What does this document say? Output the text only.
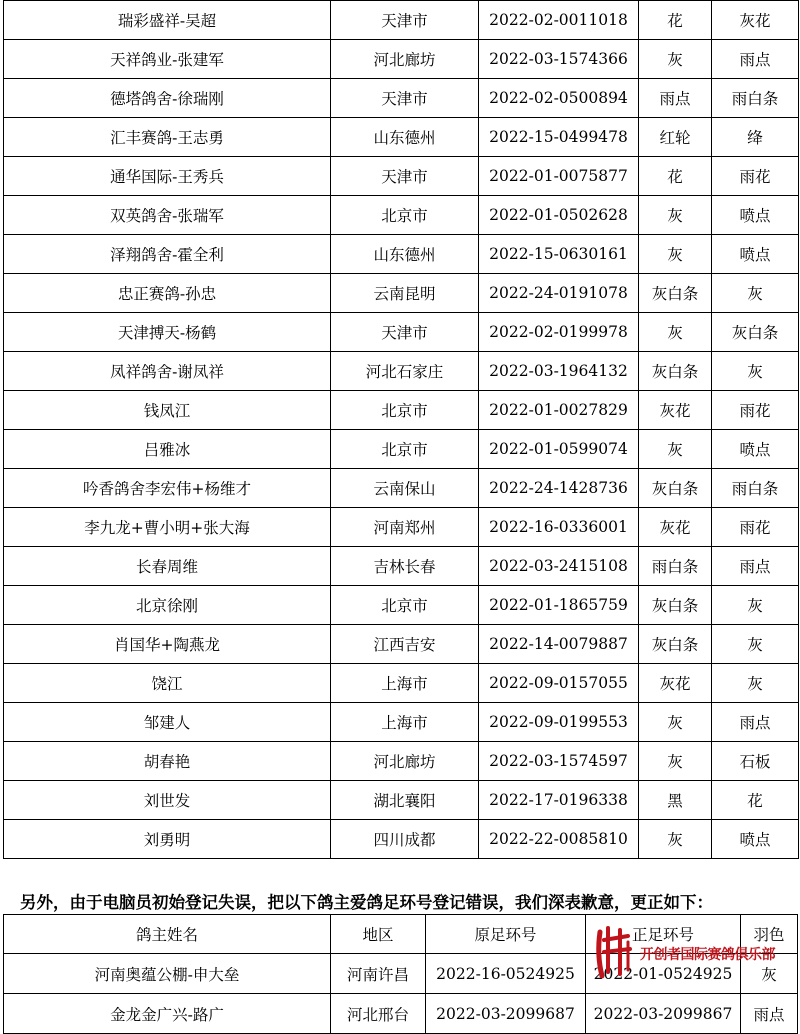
瑞彩盛祥-吴超	天津市	2022-02-0011018	花	灰花
天祥鸽业-张建军	河北廊坊	2022-03-1574366	灰	雨点
德塔鸽舍-徐瑞刚	天津市	2022-02-0500894	雨点	雨白条
汇丰赛鸽-王志勇	山东德州	2022-15-0499478	红轮	绛
通华国际-王秀兵	天津市	2022-01-0075877	花	雨花
双英鸽舍-张瑞军	北京市	2022-01-0502628	灰	喷点
泽翔鸽舍-霍全利	山东德州	2022-15-0630161	灰	喷点
忠正赛鸽-孙忠	云南昆明	2022-24-0191078	灰白条	灰
天津搏天-杨鹤	天津市	2022-02-0199978	灰	灰白条
凤祥鸽舍-谢凤祥	河北石家庄	2022-03-1964132	灰白条	灰
钱凤江	北京市	2022-01-0027829	灰花	雨花
吕雅冰	北京市	2022-01-0599074	灰	喷点
吟香鸽舍李宏伟+杨维才	云南保山	2022-24-1428736	灰白条	雨白条
李九龙+曹小明+张大海	河南郑州	2022-16-0336001	灰花	雨花
长春周维	吉林长春	2022-03-2415108	雨白条	雨点
北京徐刚	北京市	2022-01-1865759	灰白条	灰
肖国华+陶燕龙	江西吉安	2022-14-0079887	灰白条	灰
饶江	上海市	2022-09-0157055	灰花	灰
邹建人	上海市	2022-09-0199553	灰	雨点
胡春艳	河北廊坊	2022-03-1574597	灰	石板
刘世发	湖北襄阳	2022-17-0196338	黑	花
刘勇明	四川成都	2022-22-0085810	灰	喷点
另外，由于电脑员初始登记失误，把以下鸽主爱鸽足环号登记错误，我们深表歉意，更正如下：
鸽主姓名	地区	原足环号	正足环号	羽色
河南奥蕴公棚-申大垒	河南许昌	2022-16-0524925	2022-01-0524925	灰
金龙金广兴-路广	河北邢台	2022-03-2099687	2022-03-2099867	雨点
开创者国际赛鸽俱乐部
